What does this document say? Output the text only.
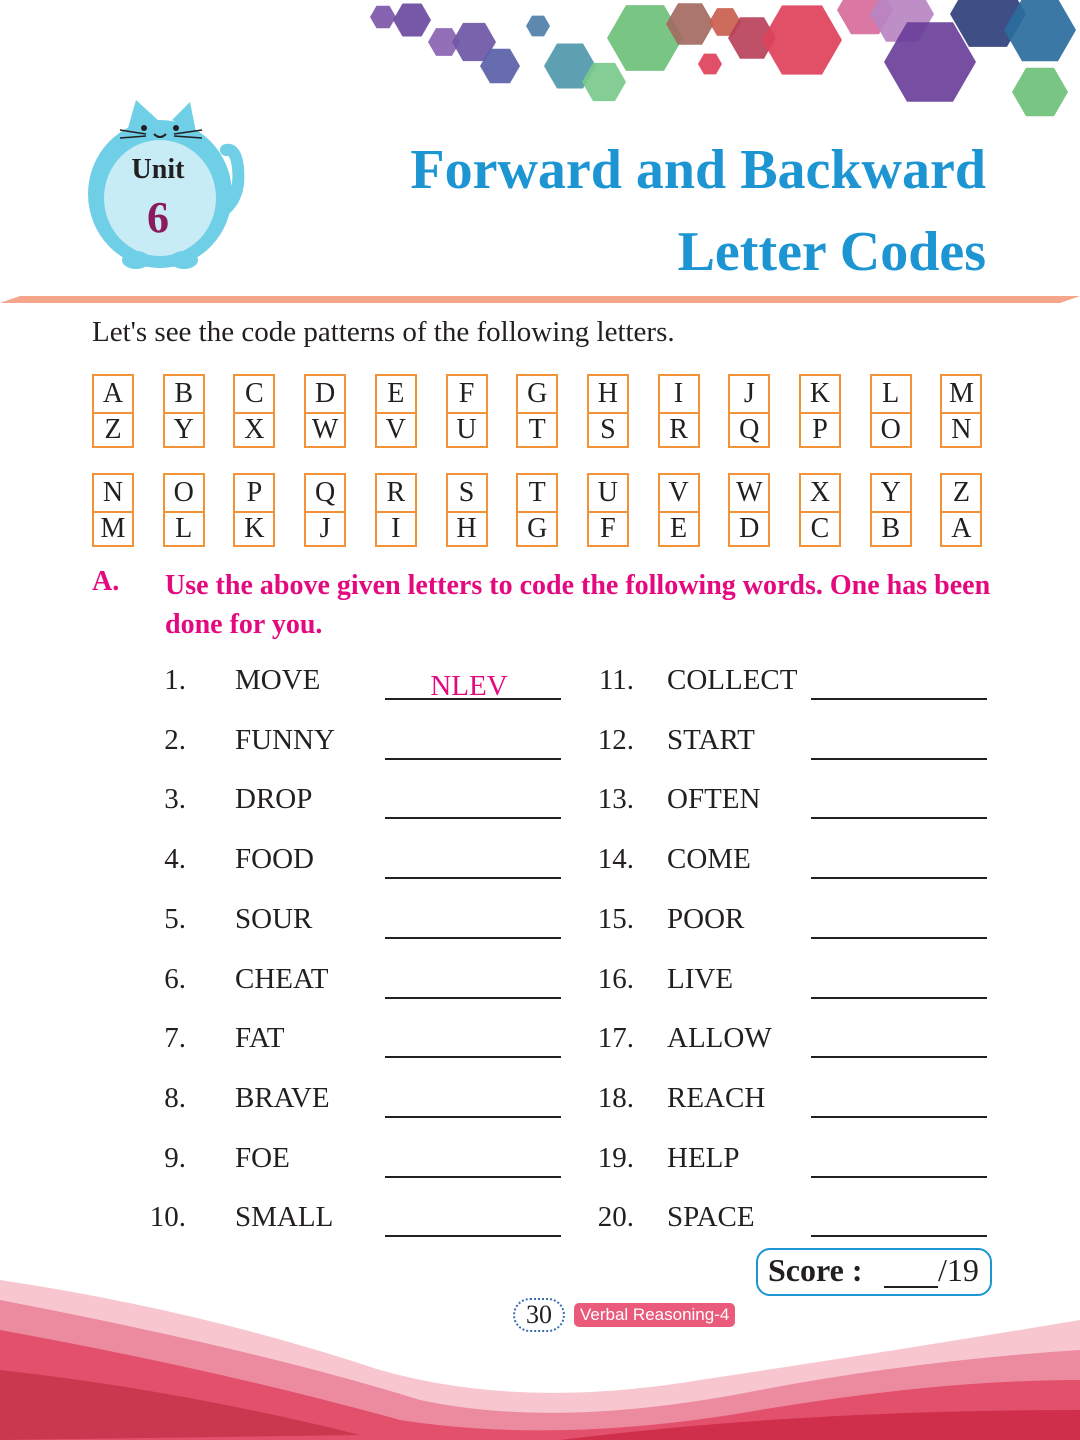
Unit
6
Forward and Backward
Letter Codes
Let's see the code patterns of the following letters.
A
Z
B
Y
C
X
D
W
E
V
F
U
G
T
H
S
I
R
J
Q
K
P
L
O
M
N
N
M
O
L
P
K
Q
J
R
I
S
H
T
G
U
F
V
E
W
D
X
C
Y
B
Z
A
A. Use the above given letters to code the following words. One has been done for you.
1. MOVE	NLEV
2. FUNNY
3. DROP
4. FOOD
5. SOUR
6. CHEAT
7. FAT
8. BRAVE
9. FOE
10. SMALL
11. COLLECT
12. START
13. OFTEN
14. COME
15. POOR
16. LIVE
17. ALLOW
18. REACH
19. HELP
20. SPACE
Score : /19
30	Verbal Reasoning-4
